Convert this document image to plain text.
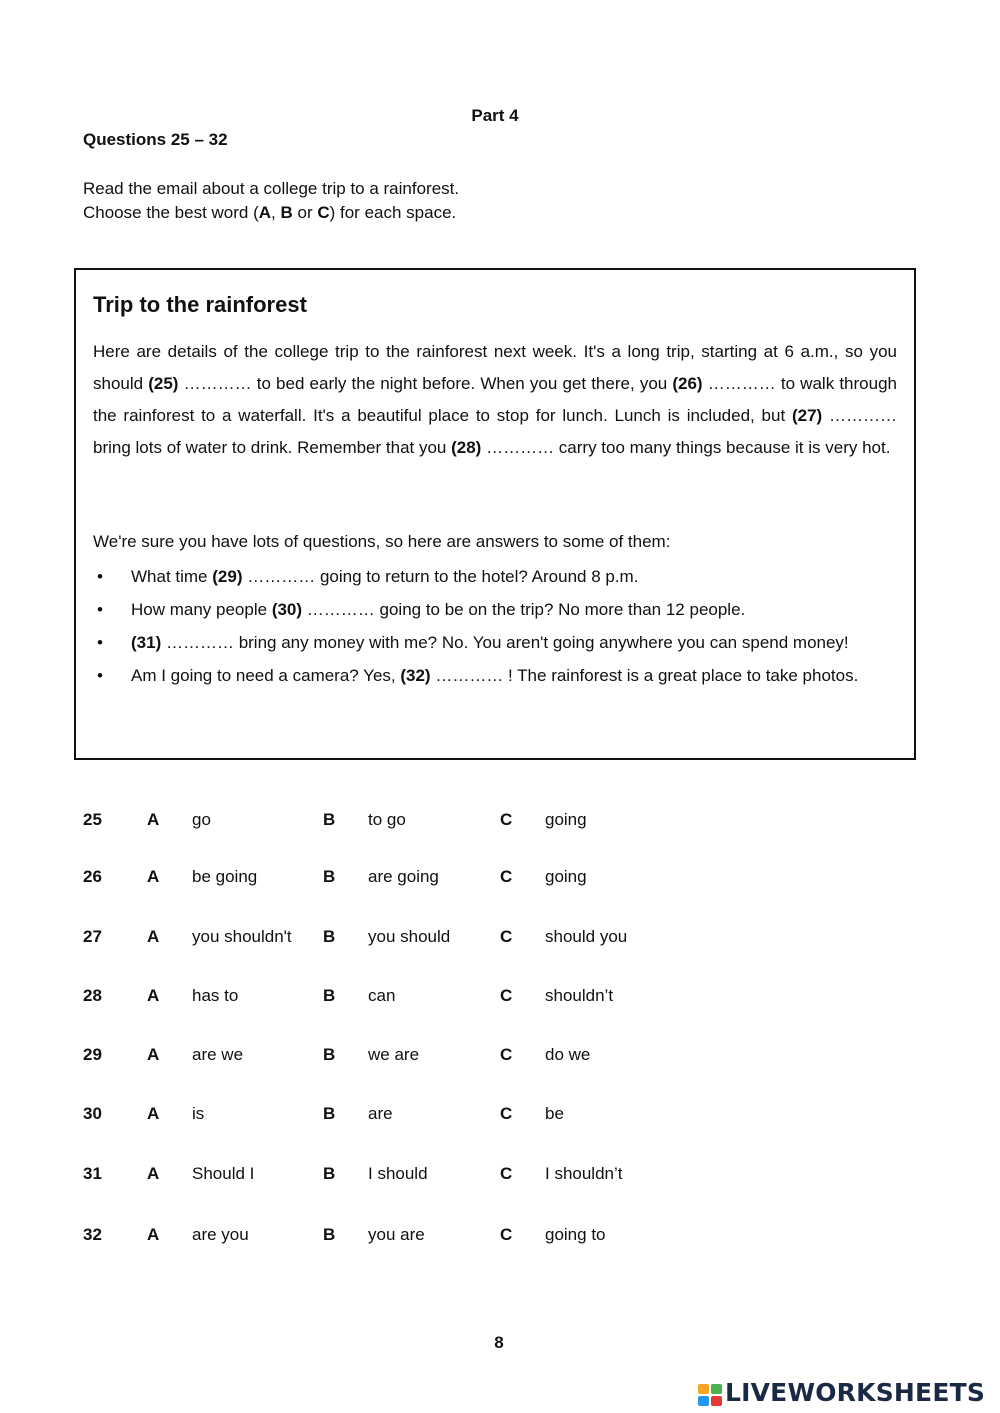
Part 4
Questions 25 – 32
Read the email about a college trip to a rainforest.
Choose the best word (A, B or C) for each space.
Trip to the rainforest
Here are details of the college trip to the rainforest next week. It's a long trip, starting at 6 a.m., so you should (25) ………… to bed early the night before. When you get there, you (26) ………… to walk through the rainforest to a waterfall. It's a beautiful place to stop for lunch. Lunch is included, but (27) ………… bring lots of water to drink. Remember that you (28) ………… carry too many things because it is very hot.
We're sure you have lots of questions, so here are answers to some of them:
• What time (29) ………… going to return to the hotel? Around 8 p.m.
• How many people (30) ………… going to be on the trip? No more than 12 people.
• (31) ………… bring any money with me? No. You aren't going anywhere you can spend money!
• Am I going to need a camera? Yes, (32) ………… ! The rainforest is a great place to take photos.
25	A go	B to go	C going
26	A be going	B are going	C going
27	A you shouldn't B you should	C should you
28	A has to	B can	C shouldn’t
29	A are we	B we are	C do we
30	A is	B are	C be
31	A Should I	B I should	C I shouldn’t
32	A are you	B you are	C going to
8
LIVEWORKSHEETS
